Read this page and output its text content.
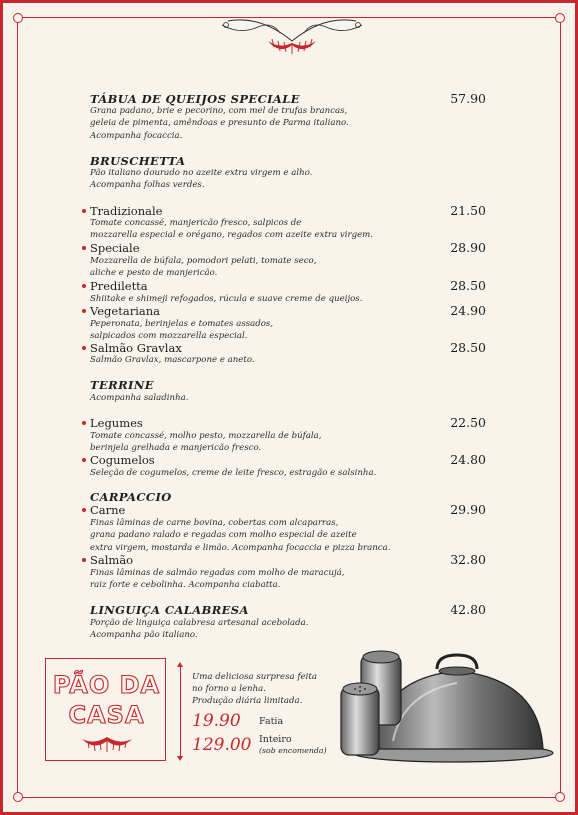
TÁBUA DE QUEIJOS SPECIALE	57.90
Grana padano, brie e pecorino, com mel de trufas brancas,
geleia de pimenta, amêndoas e presunto de Parma italiano.
Acompanha focaccia.
BRUSCHETTA
Pão italiano dourado no azeite extra virgem e alho.
Acompanha folhas verdes.
Tradizionale	21.50
Tomate concassé, manjericão fresco, salpicos de
mozzarella especial e orégano, regados com azeite extra virgem.
Speciale	28.90
Mozzarella de búfala, pomodori pelati, tomate seco,
aliche e pesto de manjericão.
Prediletta	28.50
Shiitake e shimeji refogados, rúcula e suave creme de queijos.
Vegetariana	24.90
Peperonata, berinjelas e tomates assados,
salpicados com mozzarella especial.
Salmão Gravlax	28.50
Salmão Gravlax, mascarpone e aneto.
TERRINE
Acompanha saladinha.
Legumes	22.50
Tomate concassé, molho pesto, mozzarella de búfala,
berinjela grelhada e manjericão fresco.
Cogumelos	24.80
Seleção de cogumelos, creme de leite fresco, estragão e salsinha.
CARPACCIO
Carne	29.90
Finas lâminas de carne bovina, cobertas com alcaparras,
grana padano ralado e regadas com molho especial de azeite
extra virgem, mostarda e limão. Acompanha focaccia e pizza branca.
Salmão	32.80
Finas lâminas de salmão regadas com molho de maracujá,
raiz forte e cebolinha. Acompanha ciabatta.
LINGUIÇA CALABRESA	42.80
Porção de linguiça calabresa artesanal acebolada.
Acompanha pão italiano.
PÃO DA
CASA
Uma deliciosa surpresa feita
no forno a lenha.
Produção diária limitada.
19.90 Fatia
129.00 Inteiro
(sob encomenda)
